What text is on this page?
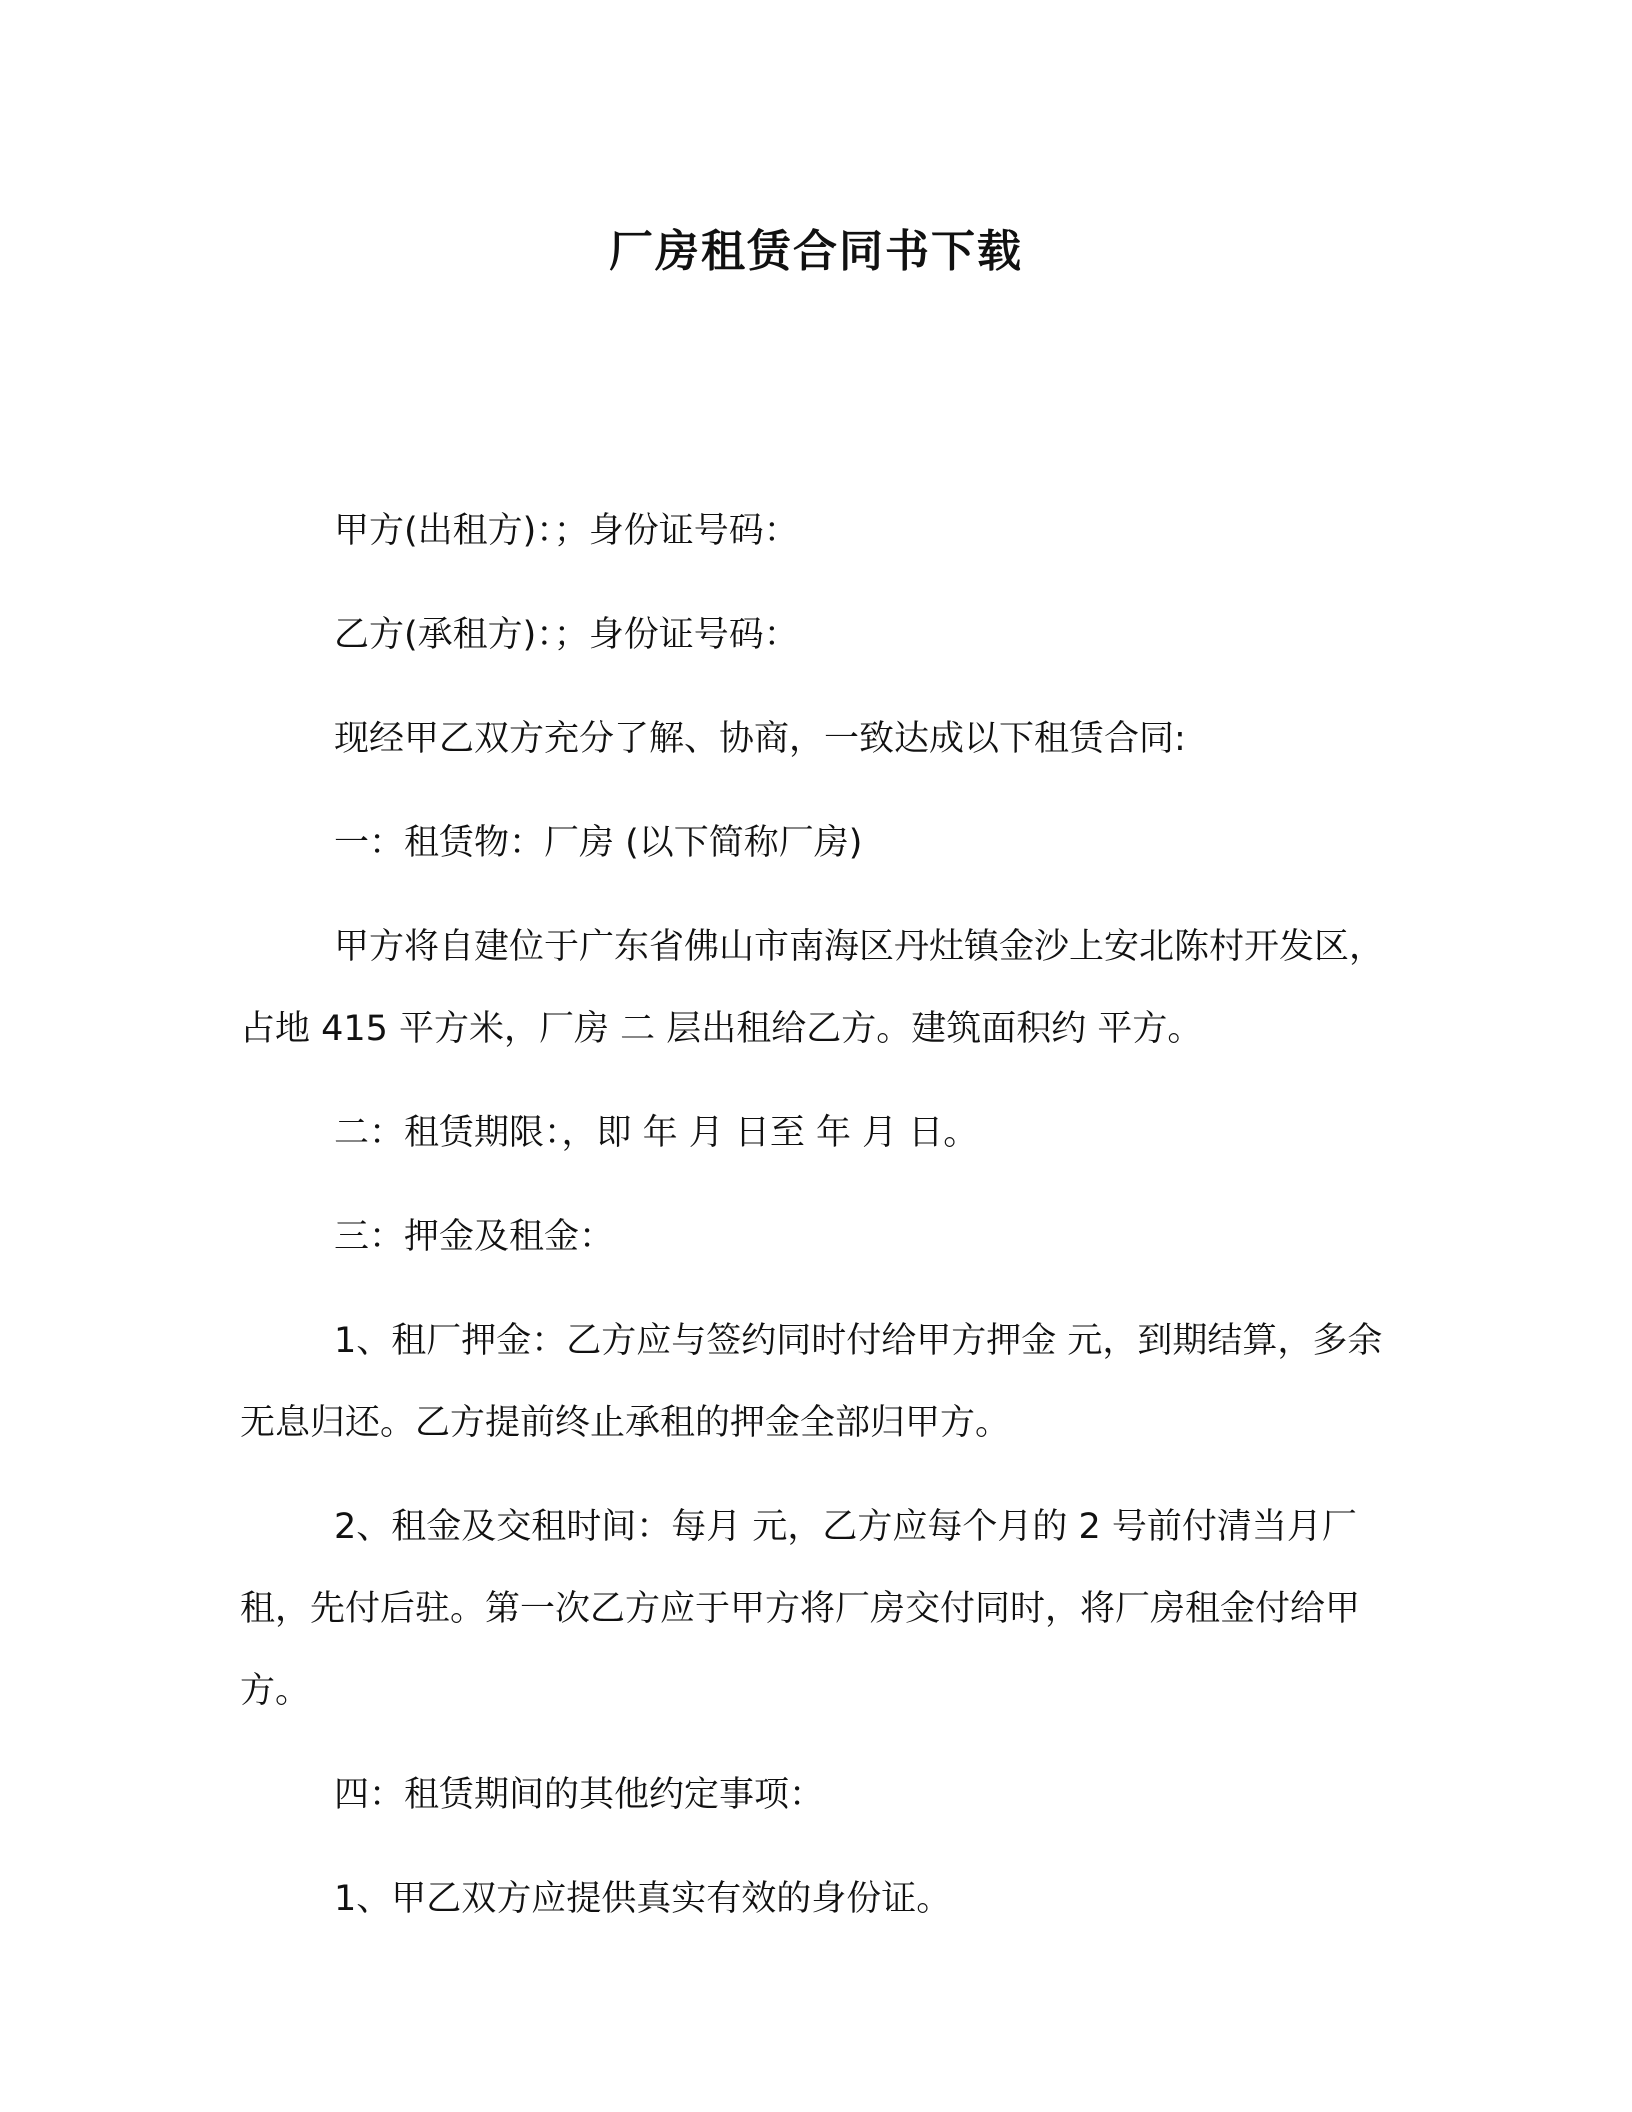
厂房租赁合同书下载

甲方(出租方)：；身份证号码：

乙方(承租方)：；身份证号码：

现经甲乙双方充分了解、协商，一致达成以下租赁合同:

一：租赁物：厂房 (以下简称厂房)

甲方将自建位于广东省佛山市南海区丹灶镇金沙上安北陈村开发区，占地 415 平方米，厂房 二 层出租给乙方。建筑面积约 平方。

二：租赁期限：，即 年 月 日至 年 月 日。

三：押金及租金：

1、租厂押金：乙方应与签约同时付给甲方押金 元，到期结算，多余无息归还。乙方提前终止承租的押金全部归甲方。

2、租金及交租时间：每月 元，乙方应每个月的 2 号前付清当月厂租，先付后驻。第一次乙方应于甲方将厂房交付同时，将厂房租金付给甲方。

四：租赁期间的其他约定事项：

1、甲乙双方应提供真实有效的身份证。
